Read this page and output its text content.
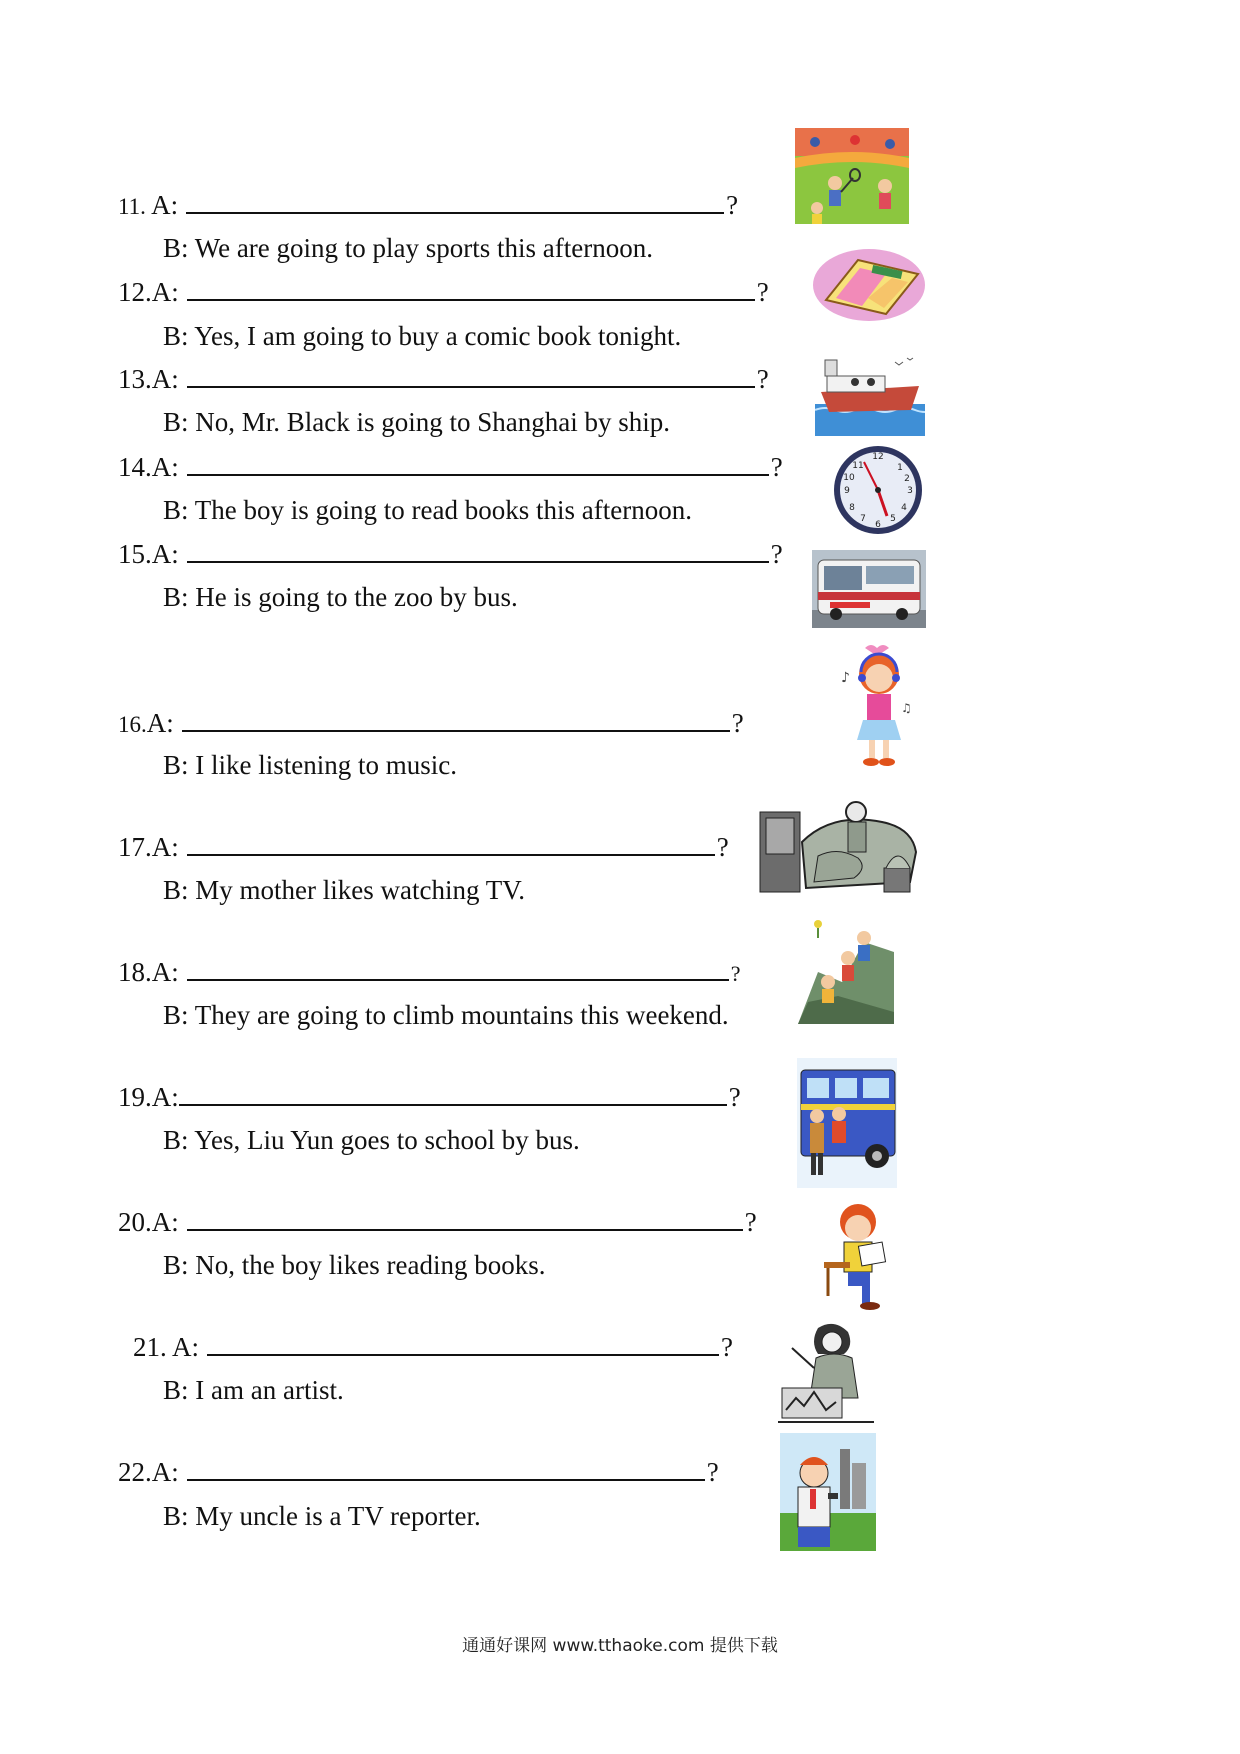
11. A:	?
B: We are going to play sports this afternoon.
12.A:	?
B: Yes, I am going to buy a comic book tonight.
13.A:	?
B: No, Mr. Black is going to Shanghai by ship.
14.A:	?
B: The boy is going to read books this afternoon.
12
3
6
9
1
2
4
5
7
8
10
11
15.A:	?
B: He is going to the zoo by bus.
16.A:	?
B: I like listening to music.
♪
♫
17.A:	?
B: My mother likes watching TV.
18.A:	?
B: They are going to climb mountains this weekend.
19.A:	?
B: Yes, Liu Yun goes to school by bus.
20.A:	?
B: No, the boy likes reading books.
21. A:	?
B: I am an artist.
22.A:	?
B: My uncle is a TV reporter.
通通好课网 www.tthaoke.com 提供下载
